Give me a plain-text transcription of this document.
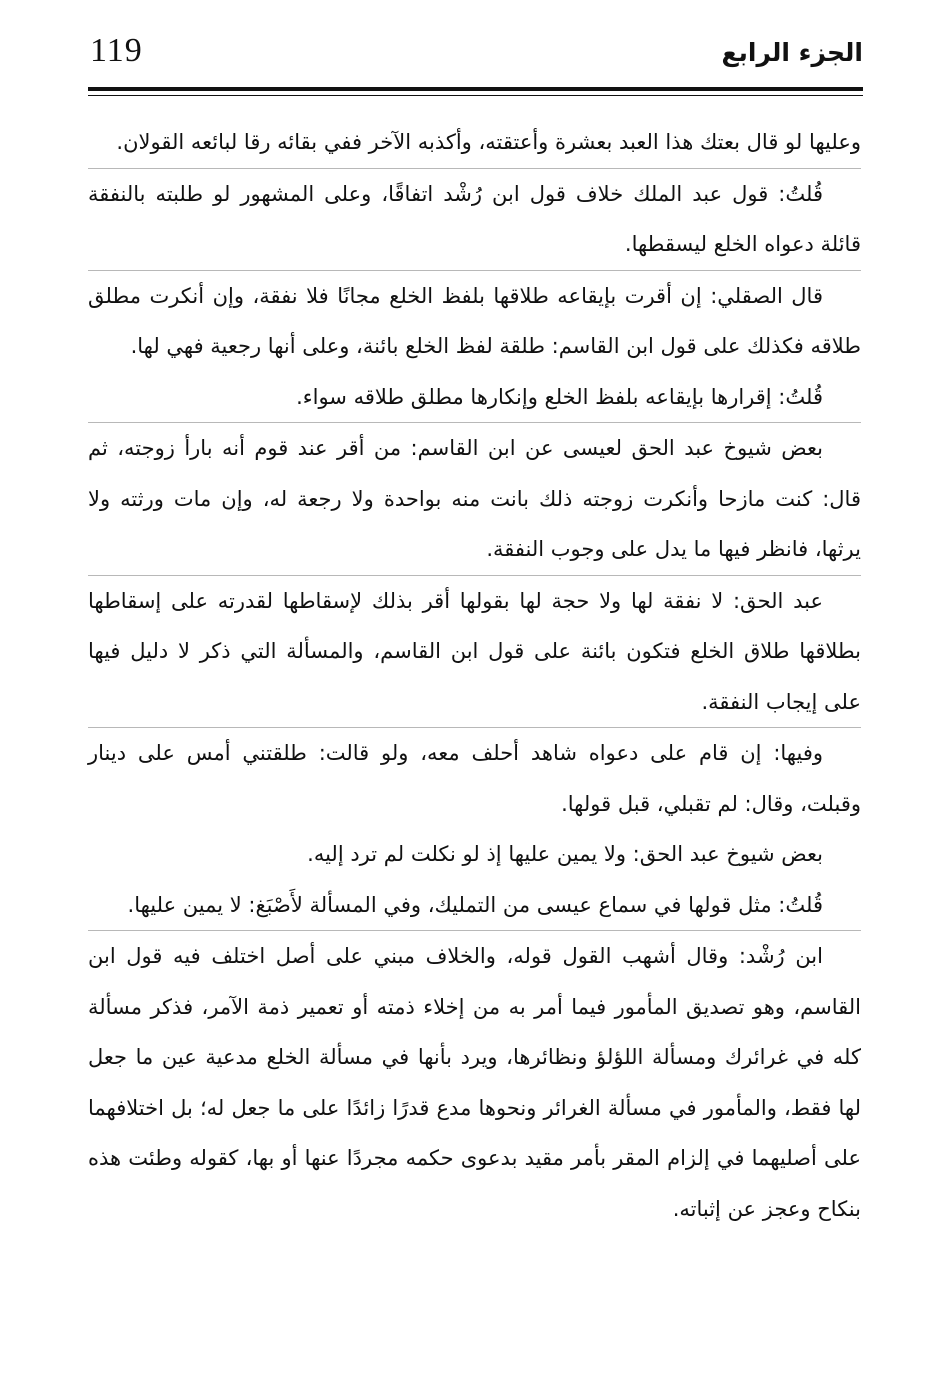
119	الجزء الرابع

وعليها لو قال بعتك هذا العبد بعشرة وأعتقته، وأكذبه الآخر ففي بقائه رقا لبائعه القولان.

قُلتُ: قول عبد الملك خلاف قول ابن رُشْد اتفاقًا، وعلى المشهور لو طلبته بالنفقة قائلة دعواه الخلع ليسقطها.

قال الصقلي: إن أقرت بإيقاعه طلاقها بلفظ الخلع مجانًا فلا نفقة، وإن أنكرت مطلق طلاقه فكذلك على قول ابن القاسم: طلقة لفظ الخلع بائنة، وعلى أنها رجعية فهي لها.

قُلتُ: إقرارها بإيقاعه بلفظ الخلع وإنكارها مطلق طلاقه سواء.

بعض شيوخ عبد الحق لعيسى عن ابن القاسم: من أقر عند قوم أنه بارأ زوجته، ثم قال: كنت مازحا وأنكرت زوجته ذلك بانت منه بواحدة ولا رجعة له، وإن مات ورثته ولا يرثها، فانظر فيها ما يدل على وجوب النفقة.

عبد الحق: لا نفقة لها ولا حجة لها بقولها أقر بذلك لإسقاطها لقدرته على إسقاطها بطلاقها طلاق الخلع فتكون بائنة على قول ابن القاسم، والمسألة التي ذكر لا دليل فيها على إيجاب النفقة.

وفيها: إن قام على دعواه شاهد أحلف معه، ولو قالت: طلقتني أمس على دينار وقبلت، وقال: لم تقبلي، قبل قولها.

بعض شيوخ عبد الحق: ولا يمين عليها إذ لو نكلت لم ترد إليه.

قُلتُ: مثل قولها في سماع عيسى من التمليك، وفي المسألة لأَصْبَغ: لا يمين عليها.

ابن رُشْد: وقال أشهب القول قوله، والخلاف مبني على أصل اختلف فيه قول ابن القاسم، وهو تصديق المأمور فيما أمر به من إخلاء ذمته أو تعمير ذمة الآمر، فذكر مسألة كله في غرائرك ومسألة اللؤلؤ ونظائرها، ويرد بأنها في مسألة الخلع مدعية عين ما جعل لها فقط، والمأمور في مسألة الغرائر ونحوها مدع قدرًا زائدًا على ما جعل له؛ بل اختلافهما على أصليهما في إلزام المقر بأمر مقيد بدعوى حكمه مجردًا عنها أو بها، كقوله وطئت هذه بنكاح وعجز عن إثباته.
